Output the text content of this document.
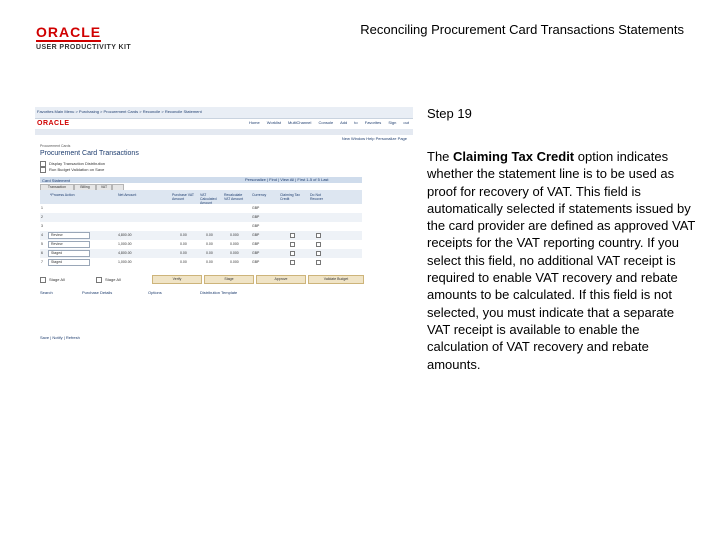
ORACLE
USER PRODUCTIVITY KIT
Reconciling Procurement Card Transactions Statements
Favorites Main Menu > Purchasing > Procurement Cards > Reconcile > Reconcile Statement
ORACLE	Home Worklist MultiChannel Console Add to Favorites Sign out
New Window Help Personalize Page
Procurement Cards
Procurement Card Transactions
Display Transaction Distribution
Run Budget Validation on Save
Card Statement	Personalize | Find | View All | First 1-5 of 5 Last
Transaction	Billing	VAT
*Process Action	Net Amount	Purchase VAT Amount
VAT Calculated Amount
Recalculate VAT Amount
Currency	Claiming Tax Credit
Do Not Recover
1	GBP
2	GBP
3	GBP
4 Review	4,800.00	0.00	0.00	0.000	GBP
5 Review	1,000.00	0.00	0.00	0.000	GBP
6 Staged	4,800.00	0.00	0.00	0.000	GBP
7 Staged	1,000.00	0.00	0.00	0.000	GBP
Stage All	Stage All	Verify	Stage	Approve	Validate Budget
Search	Purchase Details	Options	Distribution Template
Save | Notify | Refresh
Step 19
The Claiming Tax Credit option indicates whether the statement line is to be used as proof for recovery of VAT. This field is automatically selected if statements issued by the card provider are defined as approved VAT receipts for the VAT reporting country. If you select this field, no additional VAT receipt is required to enable VAT recovery and rebate amounts to be calculated. If this field is not selected, you must indicate that a separate VAT receipt is available to enable the calculation of VAT recovery and rebate amounts.
